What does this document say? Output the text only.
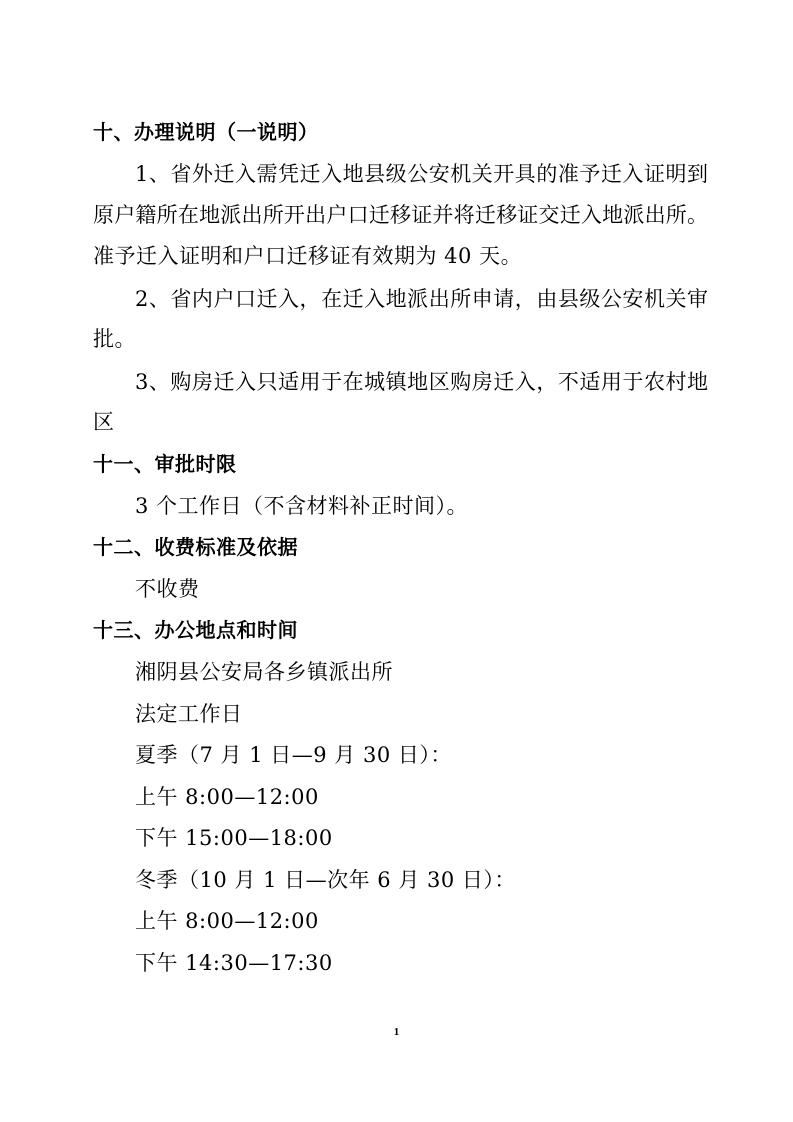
十、办理说明（一说明）
1、省外迁入需凭迁入地县级公安机关开具的准予迁入证明到
原户籍所在地派出所开出户口迁移证并将迁移证交迁入地派出所。
准予迁入证明和户口迁移证有效期为 40 天。
2、省内户口迁入，在迁入地派出所申请，由县级公安机关审
批。
3、购房迁入只适用于在城镇地区购房迁入，不适用于农村地
区
十一、审批时限
3 个工作日（不含材料补正时间）。
十二、收费标准及依据
不收费
十三、办公地点和时间
湘阴县公安局各乡镇派出所
法定工作日
夏季（7 月 1 日—9 月 30 日）：
上午 8:00—12:00
下午 15:00—18:00
冬季（10 月 1 日—次年 6 月 30 日）：
上午 8:00—12:00
下午 14:30—17:30
1
